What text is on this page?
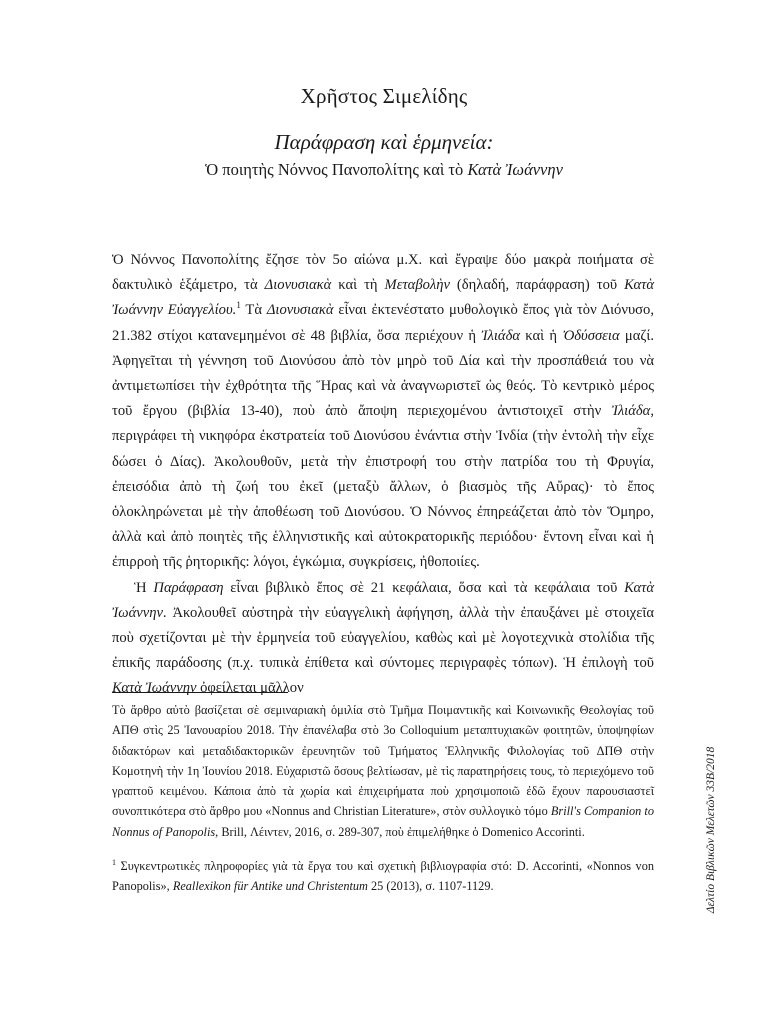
Χρῆστος Σιμελίδης
Παράφραση καὶ ἑρμηνεία:
Ὁ ποιητὴς Νόννος Πανοπολίτης καὶ τὸ Κατὰ Ἰωάννην

Ὁ Νόννος Πανοπολίτης ἔζησε τὸν 5ο αἰώνα μ.Χ. καὶ ἔγραψε δύο μακρὰ ποιήματα σὲ δακτυλικὸ ἑξάμετρο, τὰ Διονυσιακὰ καὶ τὴ Μεταβολὴν (δηλαδή, παράφραση) τοῦ Κατὰ Ἰωάννην Εὐαγγελίου.$^1$ Τὰ Διονυσιακὰ εἶναι ἐκτενέστατο μυθολογικὸ ἔπος γιὰ τὸν Διόνυσο, 21.382 στίχοι κατανεμημένοι σὲ 48 βιβλία, ὅσα περιέχουν ἡ Ἰλιάδα καὶ ἡ Ὀδύσσεια μαζί. Ἀφηγεῖται τὴ γέννηση τοῦ Διονύσου ἀπὸ τὸν μηρὸ τοῦ Δία καὶ τὴν προσπάθειά του νὰ ἀντιμετωπίσει τὴν ἐχθρότητα τῆς Ἥρας καὶ νὰ ἀναγνωριστεῖ ὡς θεός. Τὸ κεντρικὸ μέρος τοῦ ἔργου (βιβλία 13-40), ποὺ ἀπὸ ἄποψη περιεχομένου ἀντιστοιχεῖ στὴν Ἰλιάδα, περιγράφει τὴ νικηφόρα ἐκστρατεία τοῦ Διονύσου ἐνάντια στὴν Ἰνδία (τὴν ἐντολὴ τὴν εἶχε δώσει ὁ Δίας). Ἀκολουθοῦν, μετὰ τὴν ἐπιστροφή του στὴν πατρίδα του τὴ Φρυγία, ἐπεισόδια ἀπὸ τὴ ζωή του ἐκεῖ (μεταξὺ ἄλλων, ὁ βιασμὸς τῆς Αὔρας)· τὸ ἔπος ὁλοκληρώνεται μὲ τὴν ἀποθέωση τοῦ Διονύσου. Ὁ Νόννος ἐπηρεάζεται ἀπὸ τὸν Ὅμηρο, ἀλλὰ καὶ ἀπὸ ποιητὲς τῆς ἑλληνιστικῆς καὶ αὐτοκρατορικῆς περιόδου· ἔντονη εἶναι καὶ ἡ ἐπιρροὴ τῆς ῥητορικῆς: λόγοι, ἐγκώμια, συγκρίσεις, ἠθοποιίες.

Ἡ Παράφραση εἶναι βιβλικὸ ἔπος σὲ 21 κεφάλαια, ὅσα καὶ τὰ κεφάλαια τοῦ Κατὰ Ἰωάννην. Ἀκολουθεῖ αὐστηρὰ τὴν εὐαγγελικὴ ἀφήγηση, ἀλλὰ τὴν ἐπαυξάνει μὲ στοιχεῖα ποὺ σχετίζονται μὲ τὴν ἑρμηνεία τοῦ εὐαγγελίου, καθὼς καὶ μὲ λογοτεχνικὰ στολίδια τῆς ἐπικῆς παράδοσης (π.χ. τυπικὰ ἐπίθετα καὶ σύντομες περιγραφὲς τόπων). Ἡ ἐπιλογὴ τοῦ Κατὰ Ἰωάννην ὀφείλεται μᾶλλον

Τὸ ἄρθρο αὐτὸ βασίζεται σὲ σεμιναριακὴ ὁμιλία στὸ Τμῆμα Ποιμαντικῆς καὶ Κοινωνικῆς Θεολογίας τοῦ ΑΠΘ στὶς 25 Ἰανουαρίου 2018. Τὴν ἐπανέλαβα στὸ 3ο Colloquium μεταπτυχιακῶν φοιτητῶν, ὑποψηφίων διδακτόρων καὶ μεταδιδακτορικῶν ἐρευνητῶν τοῦ Τμήματος Ἑλληνικῆς Φιλολογίας τοῦ ΔΠΘ στὴν Κομοτηνὴ τὴν 1η Ἰουνίου 2018. Εὐχαριστῶ ὅσους βελτίωσαν, μὲ τὶς παρατηρήσεις τους, τὸ περιεχόμενο τοῦ γραπτοῦ κειμένου. Κάποια ἀπὸ τὰ χωρία καὶ ἐπιχειρήματα ποὺ χρησιμοποιῶ ἐδῶ ἔχουν παρουσιαστεῖ συνοπτικότερα στὸ ἄρθρο μου «Nonnus and Christian Literature», στὸν συλλογικὸ τόμο Brill's Companion to Nonnus of Panopolis, Brill, Λέιντεν, 2016, σ. 289-307, ποὺ ἐπιμελήθηκε ὁ Domenico Accorinti.

$^1$ Συγκεντρωτικὲς πληροφορίες γιὰ τὰ ἔργα του καὶ σχετικὴ βιβλιογραφία στό: D. Accorinti, «Nonnos von Panopolis», Reallexikon für Antike und Christentum 25 (2013), σ. 1107-1129.	Δελτίο Βιβλικῶν Μελετῶν 33Β/2018
